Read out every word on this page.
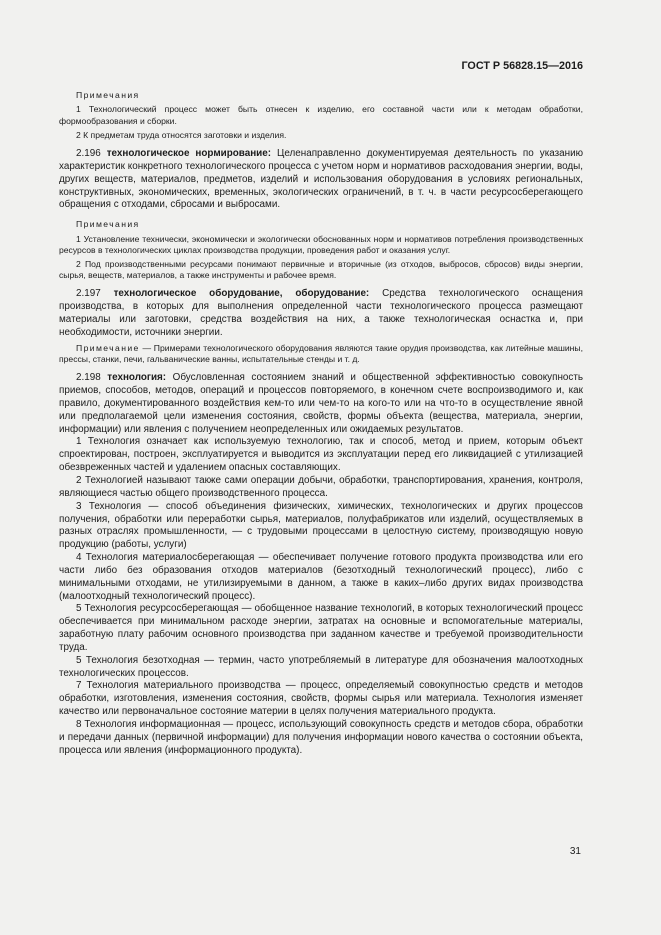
ГОСТ Р 56828.15—2016
Примечания

1 Технологический процесс может быть отнесен к изделию, его составной части или к методам обработки, формообразования и сборки.

2 К предметам труда относятся заготовки и изделия.

2.196 технологическое нормирование: Целенаправленно документируемая деятельность по указанию характеристик конкретного технологического процесса с учетом норм и нормативов расходования энергии, воды, других веществ, материалов, предметов, изделий и использования оборудования в условиях региональных, конструктивных, экономических, временных, экологических ограничений, в т. ч. в части ресурсосберегающего обращения с отходами, сбросами и выбросами.

Примечания

1 Установление технически, экономически и экологически обоснованных норм и нормативов потребления производственных ресурсов в технологических циклах производства продукции, проведения работ и оказания услуг.

2 Под производственными ресурсами понимают первичные и вторичные (из отходов, выбросов, сбросов) виды энергии, сырья, веществ, материалов, а также инструменты и рабочее время.

2.197 технологическое оборудование, оборудование: Средства технологического оснащения производства, в которых для выполнения определенной части технологического процесса размещают материалы или заготовки, средства воздействия на них, а также технологическая оснастка и, при необходимости, источники энергии.

Примечание — Примерами технологического оборудования являются такие орудия производства, как литейные машины, прессы, станки, печи, гальванические ванны, испытательные стенды и т. д.

2.198 технология: Обусловленная состоянием знаний и общественной эффективностью совокупность приемов, способов, методов, операций и процессов повторяемого, в конечном счете воспроизводимого и, как правило, документированного воздействия кем-то или чем-то на кого-то или на что-то в осуществление явной или предполагаемой цели изменения состояния, свойств, формы объекта (вещества, материала, энергии, информации) или явления с получением неопределенных или ожидаемых результатов.

1 Технология означает как используемую технологию, так и способ, метод и прием, которым объект спроектирован, построен, эксплуатируется и выводится из эксплуатации перед его ликвидацией с утилизацией обезвреженных частей и удалением опасных составляющих.

2 Технологией называют также сами операции добычи, обработки, транспортирования, хранения, контроля, являющиеся частью общего производственного процесса.

3 Технология — способ объединения физических, химических, технологических и других процессов получения, обработки или переработки сырья, материалов, полуфабрикатов или изделий, осуществляемых в разных отраслях промышленности, — с трудовыми процессами в целостную систему, производящую новую продукцию (работы, услуги)

4 Технология материалосберегающая — обеспечивает получение готового продукта производства или его части либо без образования отходов материалов (безотходный технологический процесс), либо с минимальными отходами, не утилизируемыми в данном, а также в каких–либо других видах производства (малоотходный технологический процесс).

5 Технология ресурсосберегающая — обобщенное название технологий, в которых технологический процесс обеспечивается при минимальном расходе энергии, затратах на основные и вспомогательные материалы, заработную плату рабочим основного производства при заданном качестве и требуемой производительности труда.

5 Технология безотходная — термин, часто употребляемый в литературе для обозначения малоотходных технологических процессов.

7 Технология материального производства — процесс, определяемый совокупностью средств и методов обработки, изготовления, изменения состояния, свойств, формы сырья или материала. Технология изменяет качество или первоначальное состояние материи в целях получения материального продукта.

8 Технология информационная — процесс, использующий совокупность средств и методов сбора, обработки и передачи данных (первичной информации) для получения информации нового качества о состоянии объекта, процесса или явления (информационного продукта).

31
